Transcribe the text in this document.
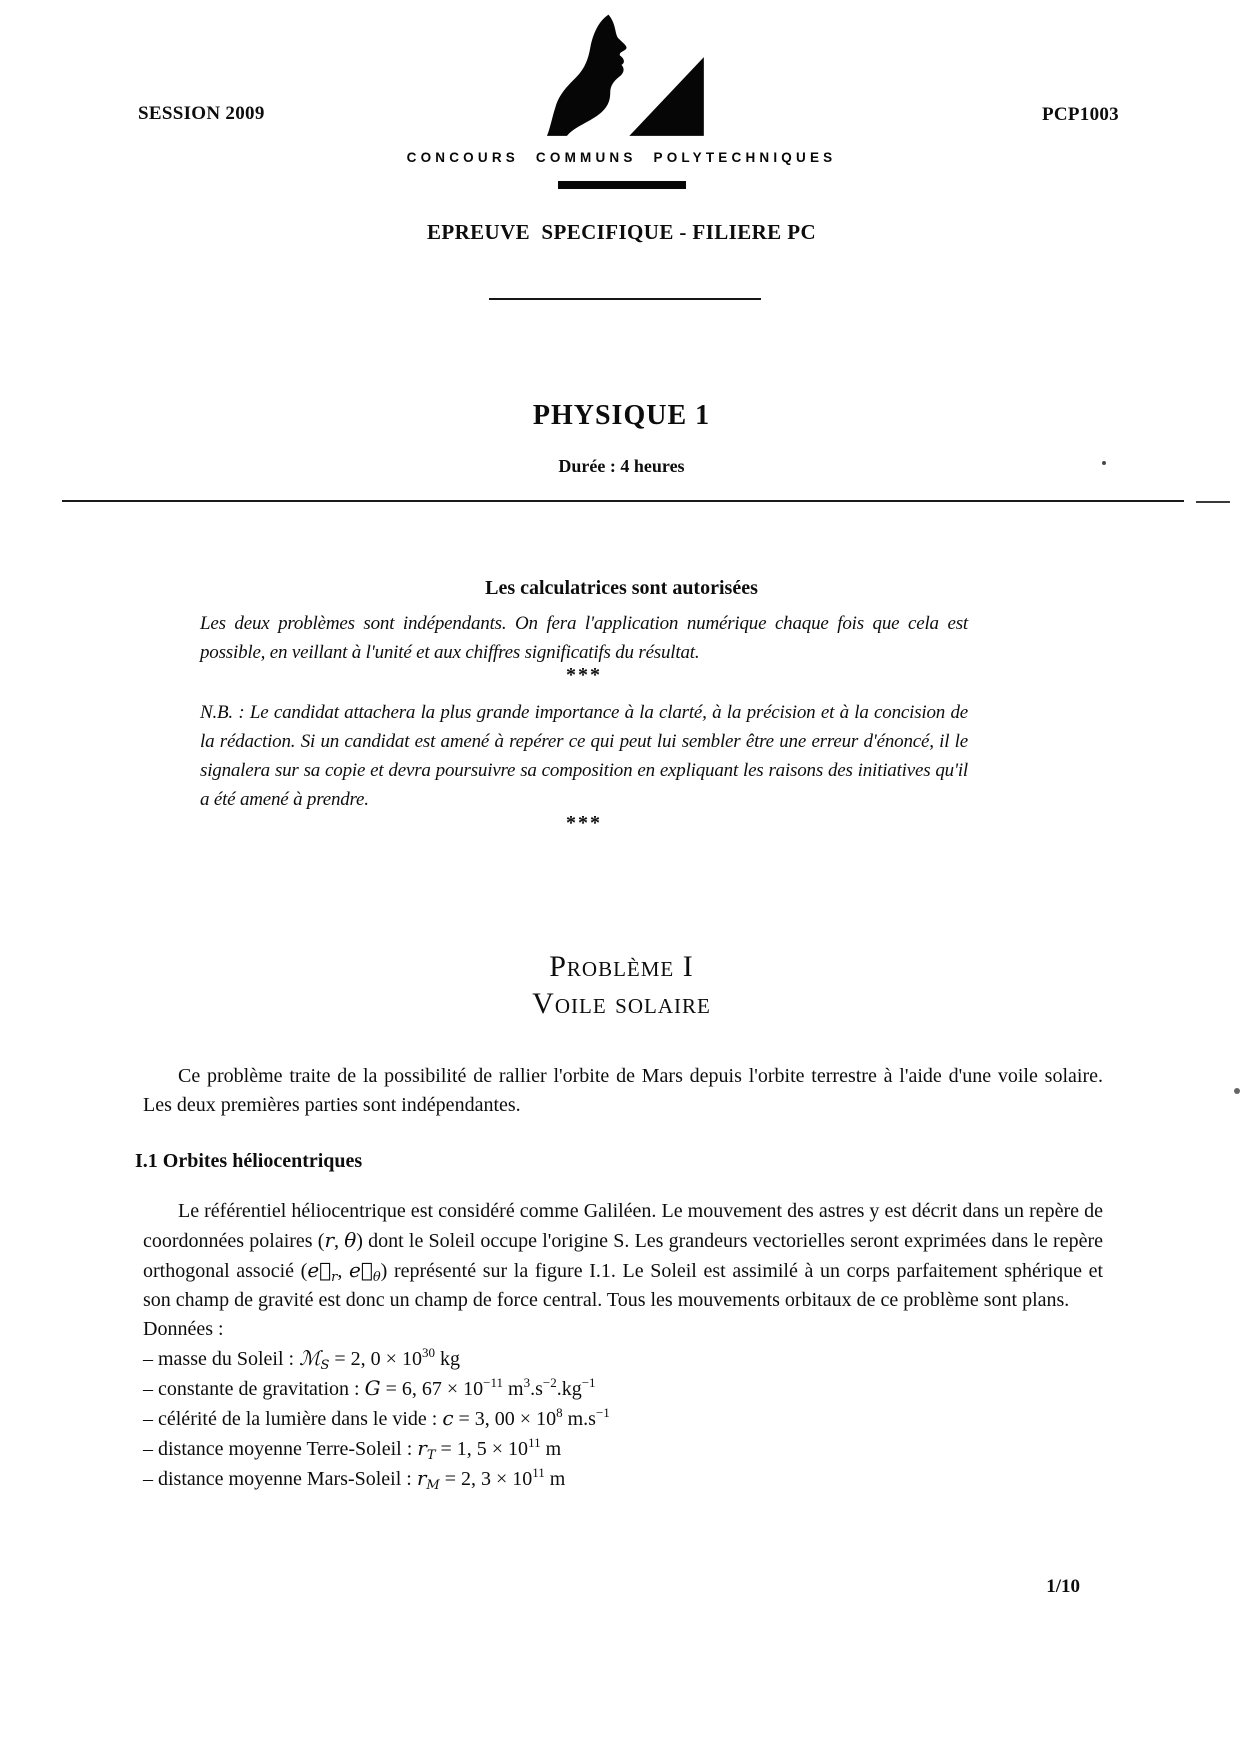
SESSION 2009	PCP1003
CONCOURS COMMUNS POLYTECHNIQUES
EPREUVE  SPECIFIQUE - FILIERE PC
PHYSIQUE 1
Durée : 4 heures
Les calculatrices sont autorisées
Les deux problèmes sont indépendants. On fera l'application numérique chaque fois que cela est possible, en veillant à l'unité et aux chiffres significatifs du résultat.
***
N.B. : Le candidat attachera la plus grande importance à la clarté, à la précision et à la concision de la rédaction. Si un candidat est amené à repérer ce qui peut lui sembler être une erreur d'énoncé, il le signalera sur sa copie et devra poursuivre sa composition en expliquant les raisons des initiatives qu'il a été amené à prendre.
***
Problème I
Voile solaire
Ce problème traite de la possibilité de rallier l'orbite de Mars depuis l'orbite terrestre à l'aide d'une voile solaire. Les deux premières parties sont indépendantes.
I.1 Orbites héliocentriques
Le référentiel héliocentrique est considéré comme Galiléen. Le mouvement des astres y est décrit dans un repère de coordonnées polaires (r, θ) dont le Soleil occupe l'origine S. Les grandeurs vectorielles seront exprimées dans le repère orthogonal associé ($e⃗_r$, $e⃗_\theta$) représenté sur la figure I.1. Le Soleil est assimilé à un corps parfaitement sphérique et son champ de gravité est donc un champ de force central. Tous les mouvements orbitaux de ce problème sont plans.
Données :
– masse du Soleil : ℳ$_S$ = 2, $0 \times 10^{30}$ kg
– constante de gravitation : G = 6, $67 \times 10^{-11}$ $m^3.s^{-2}.kg^{-1}$
– célérité de la lumière dans le vide : c = 3, $00 \times 10^8$ $m.s^{-1}$
– distance moyenne Terre-Soleil : $r_T = 1$, $5 \times 10^{11}$ m
– distance moyenne Mars-Soleil : $r_M = 2$, $3 \times 10^{11}$ m
1/10
